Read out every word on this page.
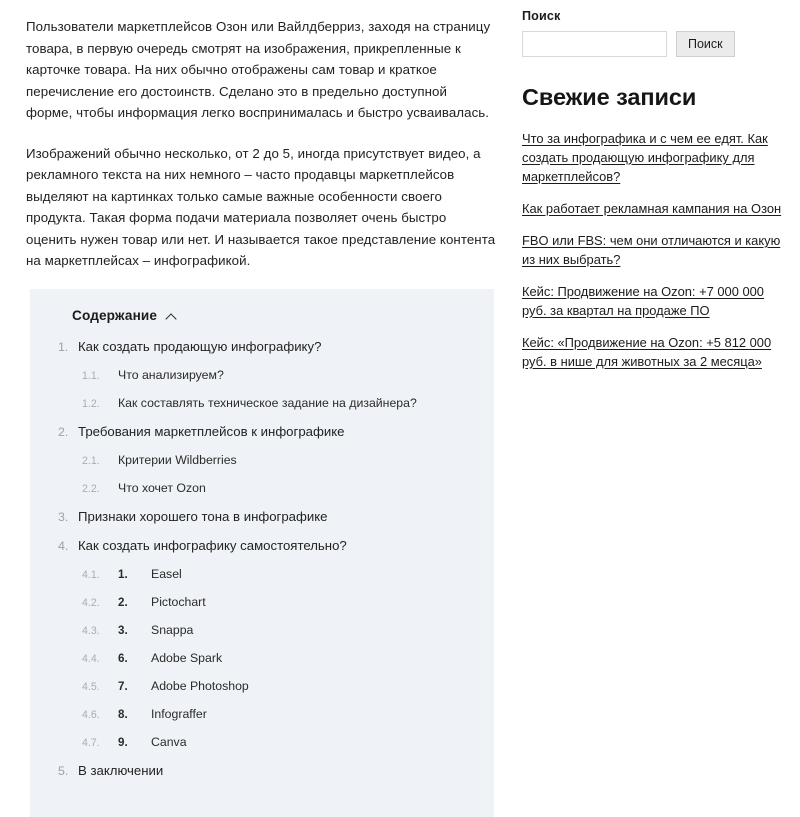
Пользователи маркетплейсов Озон или Вайлдберриз, заходя на страницу товара, в первую очередь смотрят на изображения, прикрепленные к карточке товара. На них обычно отображены сам товар и краткое перечисление его достоинств. Сделано это в предельно доступной форме, чтобы информация легко воспринималась и быстро усваивалась.

Изображений обычно несколько, от 2 до 5, иногда присутствует видео, а рекламного текста на них немного – часто продавцы маркетплейсов выделяют на картинках только самые важные особенности своего продукта. Такая форма подачи материала позволяет очень быстро оценить нужен товар или нет. И называется такое представление контента на маркетплейсах – инфографикой.

Содержание
1. Как создать продающую инфографику?
1.1.	Что анализируем?
1.2.	Как составлять техническое задание на дизайнера?
2. Требования маркетплейсов к инфографике
2.1.	Критерии Wildberries
2.2.	Что хочет Ozon
3. Признаки хорошего тона в инфографике
4. Как создать инфографику самостоятельно?
4.1.	1.	Easel
4.2.	2.	Pictochart
4.3.	3.	Snappa
4.4.	6.	Adobe Spark
4.5.	7.	Adobe Photoshop
4.6.	8.	Infograffer
4.7.	9.	Canva
5. В заключении
Поиск
Поиск
Свежие записи
Что за инфографика и с чем ее едят. Как создать продающую инфографику для маркетплейсов?
Как работает рекламная кампания на Озон
FBO или FBS: чем они отличаются и какую из них выбрать?
Кейс: Продвижение на Ozon: +7 000 000 руб. за квартал на продаже ПО
Кейс: «Продвижение на Ozon: +5 812 000 руб. в нише для животных за 2 месяца»
